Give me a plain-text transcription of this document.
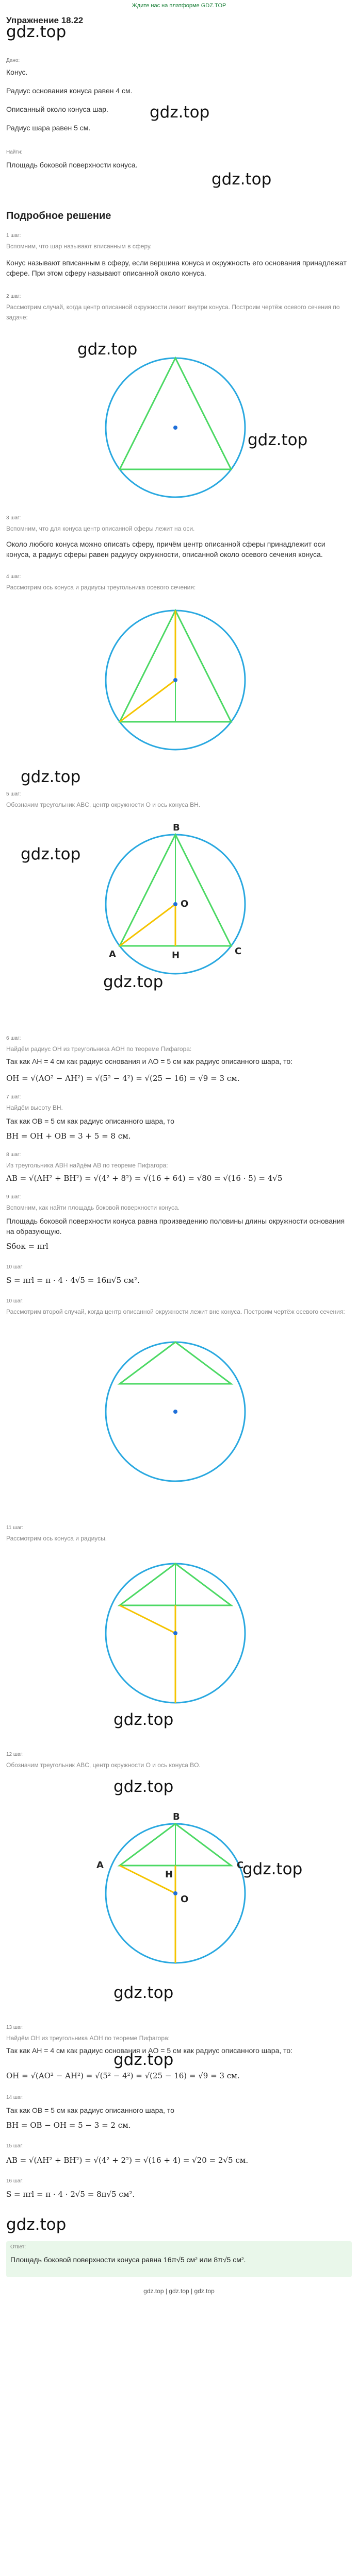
Ждите нас на платформе GDZ.TOP
Упражнение 18.22
gdz.top
Дано:
Конус.
Радиус основания конуса равен 4 см.
Описанный около конуса шар.	gdz.top
Радиус шара равен 5 см.
Найти:
Площадь боковой поверхности конуса.
gdz.top
Подробное решение
1 шаг:
Вспомним, что шар называют вписанным в сферу.
Конус называют вписанным в сферу, если вершина конуса и окружность его основания принадлежат сфере. При этом сферу называют описанной около конуса.
2 шаг:
Рассмотрим случай, когда центр описанной окружности лежит внутри конуса. Построим чертёж осевого сечения по задаче:
gdz.top
gdz.top
3 шаг:
Вспомним, что для конуса центр описанной сферы лежит на оси.
Около любого конуса можно описать сферу, причём центр описанной сферы принадлежит оси конуса, а радиус сферы равен радиусу окружности, описанной около осевого сечения конуса.
4 шаг:
Рассмотрим ось конуса и радиусы треугольника осевого сечения:
gdz.top
5 шаг:
Обозначим треугольник ABC, центр окружности O и ось конуса BH.
B
O
A	H	C
gdz.top
gdz.top
6 шаг:
Найдём радиус OH из треугольника AOH по теореме Пифагора:
Так как AH = 4 см как радиус основания и AO = 5 см как радиус описанного шара, то:
OH = √(AO² − AH²) = √(5² − 4²) = √(25 − 16) = √9 = 3 см.
7 шаг:
Найдём высоту BH.
Так как OB = 5 см как радиус описанного шара, то
BH = OH + OB = 3 + 5 = 8 см.
8 шаг:
Из треугольника ABH найдём AB по теореме Пифагора:
AB = √(AH² + BH²) = √(4² + 8²) = √(16 + 64) = √80 = √(16 · 5) = 4√5
9 шаг:
Вспомним, как найти площадь боковой поверхности конуса.
Площадь боковой поверхности конуса равна произведению половины длины окружности основания на образующую.
Sбок = πrl
10 шаг:
S = πrl = π · 4 · 4√5 = 16π√5 см².
10 шаг:
Рассмотрим второй случай, когда центр описанной окружности лежит вне конуса. Построим чертёж осевого сечения:
11 шаг:
Рассмотрим ось конуса и радиусы.
gdz.top
12 шаг:
Обозначим треугольник ABC, центр окружности O и ось конуса BO.
gdz.top
B
H
O
A	C
gdz.top
gdz.top
13 шаг:
Найдём OH из треугольника AOH по теореме Пифагора:
Так как AH = 4 см как радиус основания и AO = 5 см как радиус описанного шара, то:
gdz.top
OH = √(AO² − AH²) = √(5² − 4²) = √(25 − 16) = √9 = 3 см.
14 шаг:
Так как OB = 5 см как радиус описанного шара, то
BH = OB − OH = 5 − 3 = 2 см.
15 шаг:
AB = √(AH² + BH²) = √(4² + 2²) = √(16 + 4) = √20 = 2√5 см.
16 шаг:
S = πrl = π · 4 · 2√5 = 8π√5 см².
gdz.top
Ответ:
Площадь боковой поверхности конуса равна 16π√5 см² или 8π√5 см².
gdz.top | gdz.top | gdz.top
